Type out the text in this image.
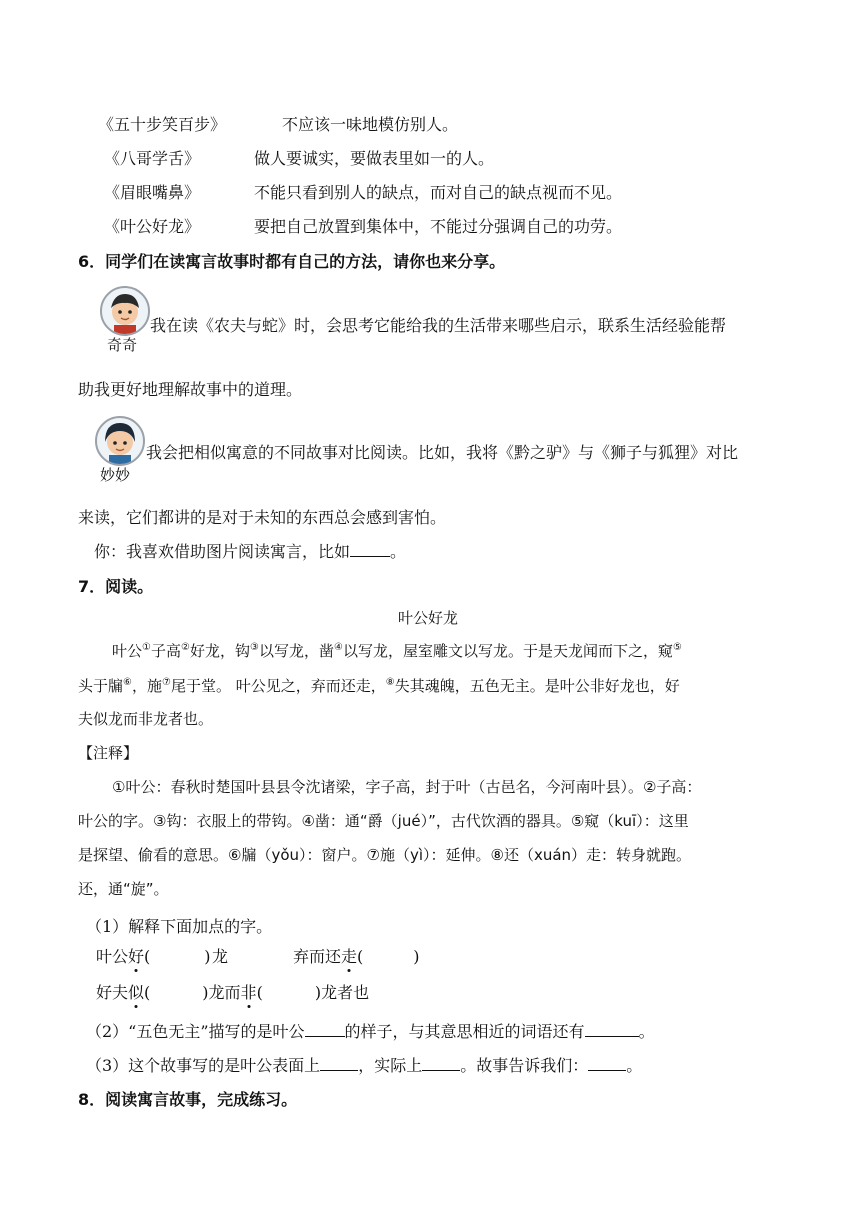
《五十步笑百步》	不应该一味地模仿别人。
《八哥学舌》	做人要诚实，要做表里如一的人。
《眉眼嘴鼻》	不能只看到别人的缺点，而对自己的缺点视而不见。
《叶公好龙》	要把自己放置到集体中，不能过分强调自己的功劳。
6．同学们在读寓言故事时都有自己的方法，请你也来分享。
奇奇
我在读《农夫与蛇》时，会思考它能给我的生活带来哪些启示，联系生活经验能帮
助我更好地理解故事中的道理。
妙妙
我会把相似寓意的不同故事对比阅读。比如，我将《黔之驴》与《狮子与狐狸》对比
来读，它们都讲的是对于未知的东西总会感到害怕。
你：我喜欢借助图片阅读寓言，比如	。
7．阅读。
叶公好龙
叶公①子高②好龙，钩③以写龙，凿④以写龙，屋室雕文以写龙。于是天龙闻而下之，窥⑤
头于牖⑥，施⑦尾于堂。 叶公见之，弃而还走，⑧失其魂魄，五色无主。是叶公非好龙也，好
夫似龙而非龙者也。
【注释】
①叶公：春秋时楚国叶县县令沈诸梁，字子高，封于叶（古邑名，今河南叶县）。②子高：
叶公的字。③钩：衣服上的带钩。④凿：通“爵（jué）”，古代饮酒的器具。⑤窥（kuī）：这里
是探望、偷看的意思。⑥牖（yǒu）：窗户。⑦施（yì）：延伸。⑧还（xuán）走：转身就跑。
还，通“旋”。
（1）解释下面加点的字。
叶公好(	)龙	弃而还走(	)
好夫似(	)龙而非(	)龙者也
（2）“五色无主”描写的是叶公	的样子，与其意思相近的词语还有	。
（3）这个故事写的是叶公表面上 ，实际上 。故事告诉我们： 。
8．阅读寓言故事，完成练习。
